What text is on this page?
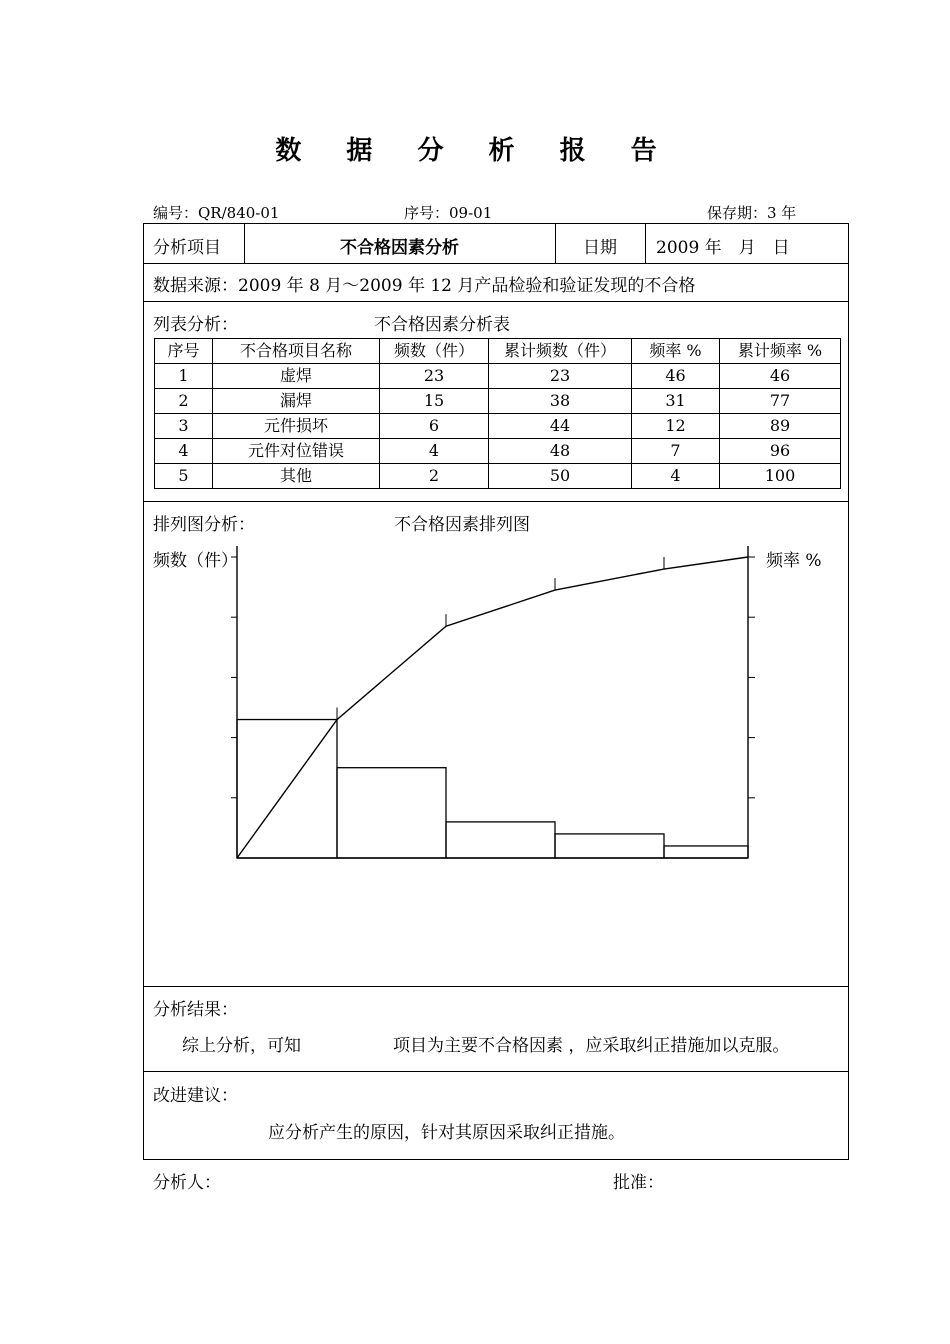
数 据 分 析 报 告
编号：QR/840-01	序号：09-01	保存期：3 年
分析项目	不合格因素分析	日期	2009 年　月　日
数据来源：2009 年 8 月～2009 年 12 月产品检验和验证发现的不合格
列表分析：	不合格因素分析表
序号	不合格项目名称	频数（件）	累计频数（件）	频率 %	累计频率 %
1	虚焊	23	23	46	46
2	漏焊	15	38	31	77
3	元件损坏	6	44	12	89
4	元件对位错误	4	48	7	96
5	其他	2	50	4	100
排列图分析：	不合格因素排列图
频数（件）	频率 %
分析结果：
综上分析，可知	项目为主要不合格因素 ，应采取纠正措施加以克服。
改进建议：
应分析产生的原因，针对其原因采取纠正措施。
分析人：	批准：
